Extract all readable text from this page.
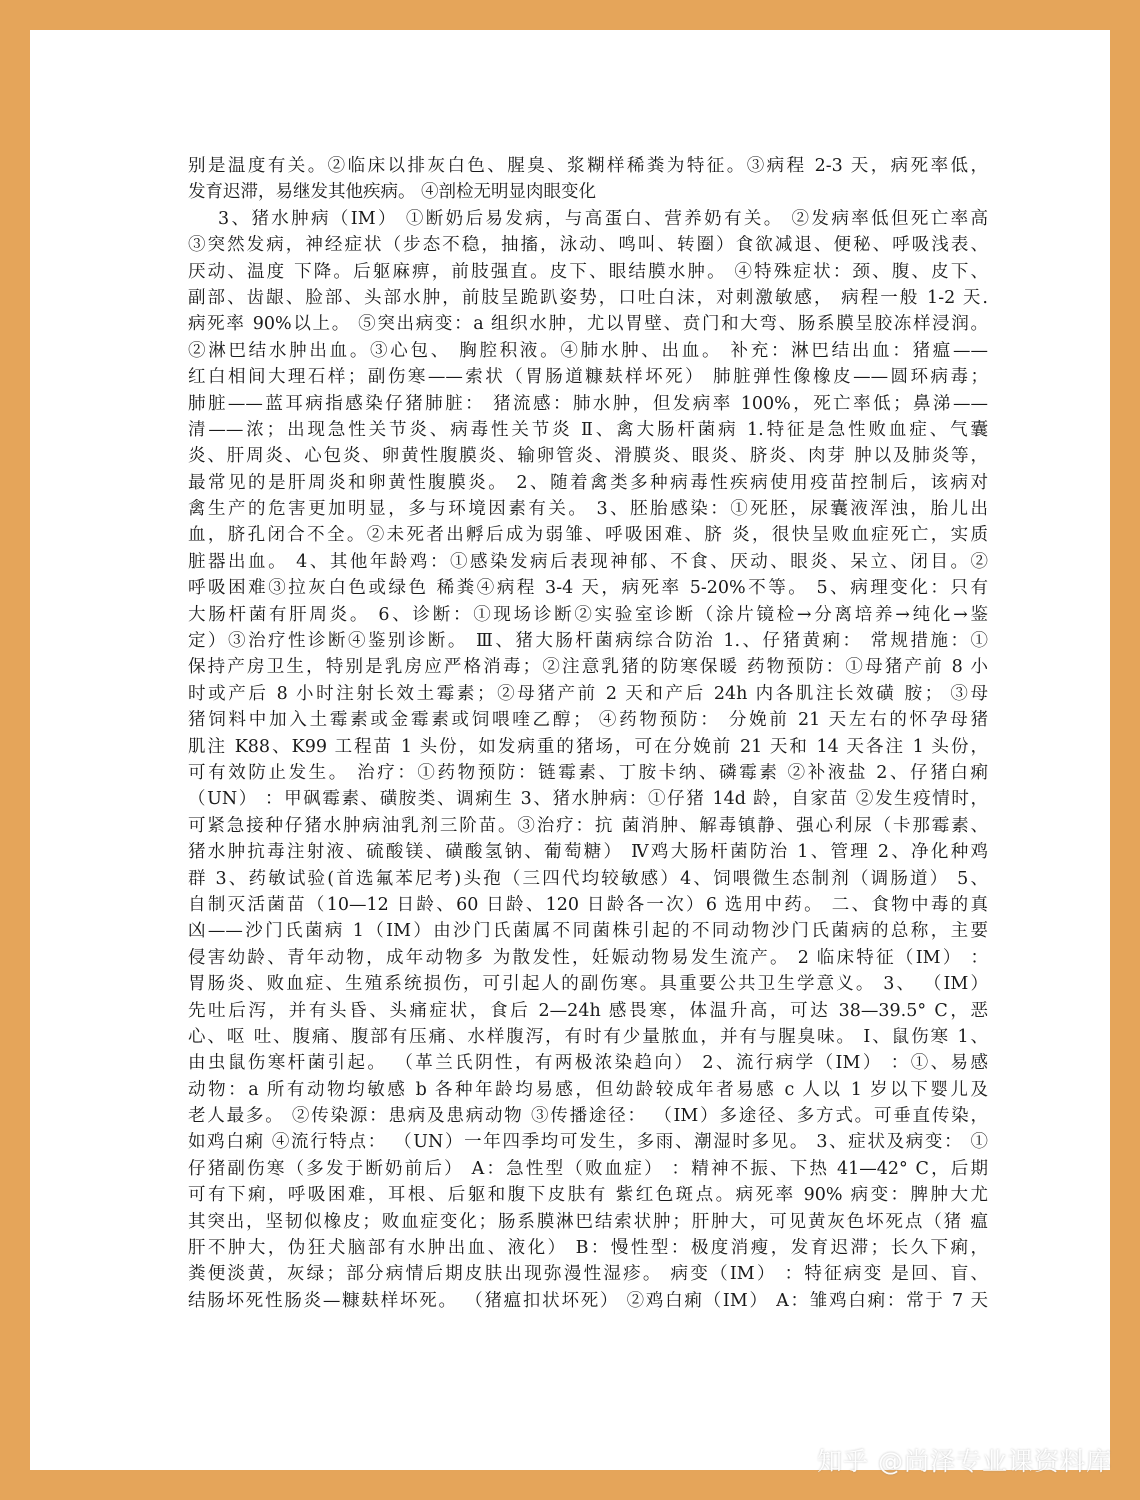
别是温度有关。②临床以排灰白色、腥臭、浆糊样稀粪为特征。③病程 2-3 天，病死率低，
发育迟滞，易继发其他疾病。 ④剖检无明显肉眼变化
3、猪水肿病（IM） ①断奶后易发病，与高蛋白、营养奶有关。 ②发病率低但死亡率高
③突然发病，神经症状（步态不稳，抽搐，泳动、鸣叫、转圈）食欲减退、便秘、呼吸浅表、
厌动、温度 下降。后躯麻痹，前肢强直。皮下、眼结膜水肿。 ④特殊症状：颈、腹、皮下、
副部、齿龈、脸部、头部水肿，前肢呈跪趴姿势，口吐白沫，对刺激敏感， 病程一般 1-2 天.
病死率 90%以上。 ⑤突出病变：a 组织水肿，尤以胃壁、贲门和大弯、肠系膜呈胶冻样浸润。
②淋巴结水肿出血。③心包、 胸腔积液。④肺水肿、出血。 补充：淋巴结出血：猪瘟——
红白相间大理石样；副伤寒——索状（胃肠道糠麸样坏死） 肺脏弹性像橡皮——圆环病毒；
肺脏——蓝耳病指感染仔猪肺脏： 猪流感：肺水肿，但发病率 100%，死亡率低；鼻涕——
清——浓；出现急性关节炎、病毒性关节炎 Ⅱ、禽大肠杆菌病 1.特征是急性败血症、气囊
炎、肝周炎、心包炎、卵黄性腹膜炎、输卵管炎、滑膜炎、眼炎、脐炎、肉芽 肿以及肺炎等，
最常见的是肝周炎和卵黄性腹膜炎。 2、随着禽类多种病毒性疾病使用疫苗控制后，该病对
禽生产的危害更加明显，多与环境因素有关。 3、胚胎感染：①死胚，尿囊液浑浊，胎儿出
血，脐孔闭合不全。②未死者出孵后成为弱雏、呼吸困难、脐 炎，很快呈败血症死亡，实质
脏器出血。 4、其他年龄鸡：①感染发病后表现神郁、不食、厌动、眼炎、呆立、闭目。②
呼吸困难③拉灰白色或绿色 稀粪④病程 3-4 天，病死率 5-20%不等。 5、病理变化：只有
大肠杆菌有肝周炎。 6、诊断：①现场诊断②实验室诊断（涂片镜检→分离培养→纯化→鉴
定）③治疗性诊断④鉴别诊断。 Ⅲ、猪大肠杆菌病综合防治 1.、仔猪黄痢： 常规措施：①
保持产房卫生，特别是乳房应严格消毒；②注意乳猪的防寒保暖 药物预防：①母猪产前 8 小
时或产后 8 小时注射长效土霉素；②母猪产前 2 天和产后 24h 内各肌注长效磺 胺； ③母
猪饲料中加入土霉素或金霉素或饲喂喹乙醇； ④药物预防： 分娩前 21 天左右的怀孕母猪
肌注 K88、K99 工程苗 1 头份，如发病重的猪场，可在分娩前 21 天和 14 天各注 1 头份，
可有效防止发生。 治疗：①药物预防：链霉素、丁胺卡纳、磷霉素 ②补液盐 2、仔猪白痢
（UN） ：甲砜霉素、磺胺类、调痢生 3、猪水肿病：①仔猪 14d 龄，自家苗 ②发生疫情时，
可紧急接种仔猪水肿病油乳剂三阶苗。③治疗：抗 菌消肿、解毒镇静、强心利尿（卡那霉素、
猪水肿抗毒注射液、硫酸镁、磺酸氢钠、葡萄糖） Ⅳ鸡大肠杆菌防治 1、管理 2、净化种鸡
群 3、药敏试验(首选氟苯尼考)头孢（三四代均较敏感）4、饲喂微生态制剂（调肠道） 5、
自制灭活菌苗（10—12 日龄、60 日龄、120 日龄各一次）6 选用中药。 二、食物中毒的真
凶——沙门氏菌病 1（IM）由沙门氏菌属不同菌株引起的不同动物沙门氏菌病的总称，主要
侵害幼龄、青年动物，成年动物多 为散发性，妊娠动物易发生流产。 2 临床特征（IM） ：
胃肠炎、败血症、生殖系统损伤，可引起人的副伤寒。具重要公共卫生学意义。 3、 （IM）
先吐后泻，并有头昏、头痛症状，食后 2—24h 感畏寒，体温升高，可达 38—39.5° C，恶
心、呕 吐、腹痛、腹部有压痛、水样腹泻，有时有少量脓血，并有与腥臭味。 Ⅰ、鼠伤寒 1、
由虫鼠伤寒杆菌引起。 （革兰氏阴性，有两极浓染趋向） 2、流行病学（IM） ：①、易感
动物：a 所有动物均敏感 b 各种年龄均易感，但幼龄较成年者易感 c 人以 1 岁以下婴儿及
老人最多。 ②传染源：患病及患病动物 ③传播途径： （IM）多途径、多方式。可垂直传染，
如鸡白痢 ④流行特点： （UN）一年四季均可发生，多雨、潮湿时多见。 3、症状及病变： ①
仔猪副伤寒（多发于断奶前后） A：急性型（败血症） ：精神不振、下热 41—42° C，后期
可有下痢，呼吸困难，耳根、后躯和腹下皮肤有 紫红色斑点。病死率 90% 病变：脾肿大尤
其突出，坚韧似橡皮；败血症变化；肠系膜淋巴结索状肿；肝肿大，可见黄灰色坏死点（猪 瘟
肝不肿大，伪狂犬脑部有水肿出血、液化） B：慢性型：极度消瘦，发育迟滞；长久下痢，
粪便淡黄，灰绿；部分病情后期皮肤出现弥漫性湿疹。 病变（IM） ：特征病变 是回、盲、
结肠坏死性肠炎—糠麸样坏死。 （猪瘟扣状坏死） ②鸡白痢（IM） A：雏鸡白痢：常于 7 天
知乎 @尚泽专业课资料库
